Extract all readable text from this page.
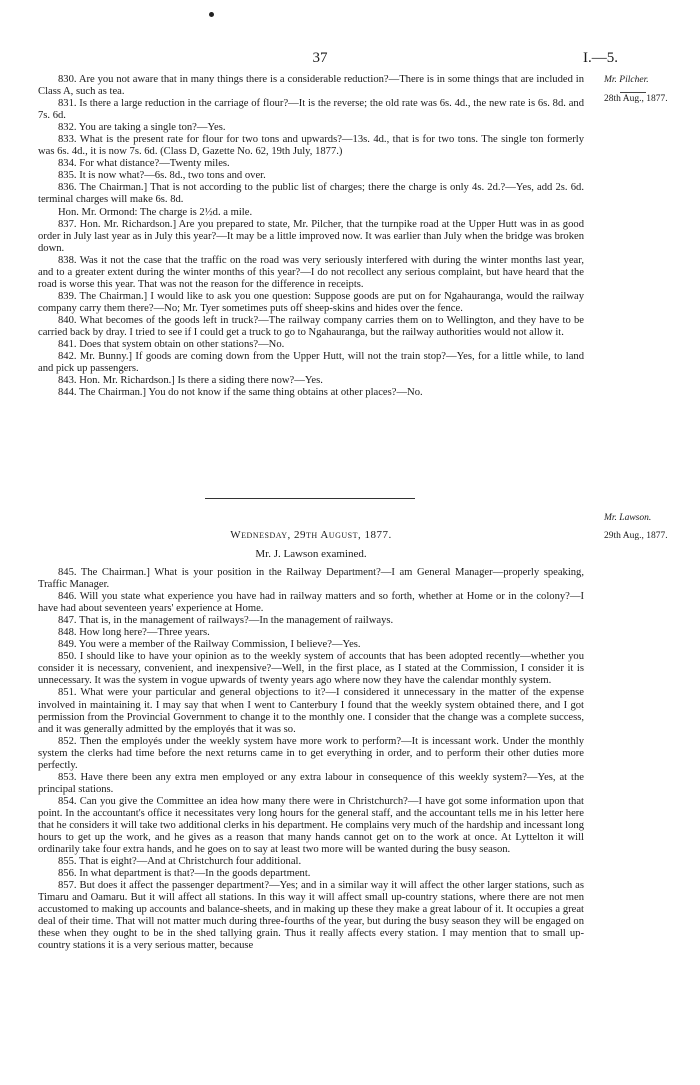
37	I.—5.
Mr. Pilcher.
28th Aug., 1877.

830. Are you not aware that in many things there is a considerable reduction?—There is in some things that are included in Class A, such as tea.

831. Is there a large reduction in the carriage of flour?—It is the reverse; the old rate was 6s. 4d., the new rate is 6s. 8d. and 7s. 6d.

832. You are taking a single ton?—Yes.

833. What is the present rate for flour for two tons and upwards?—13s. 4d., that is for two tons. The single ton formerly was 6s. 4d., it is now 7s. 6d. (Class D, Gazette No. 62, 19th July, 1877.)

834. For what distance?—Twenty miles.

835. It is now what?—6s. 8d., two tons and over.

836. The Chairman.] That is not according to the public list of charges; there the charge is only 4s. 2d.?—Yes, add 2s. 6d. terminal charges will make 6s. 8d.

Hon. Mr. Ormond: The charge is 2½d. a mile.

837. Hon. Mr. Richardson.] Are you prepared to state, Mr. Pilcher, that the turnpike road at the Upper Hutt was in as good order in July last year as in July this year?—It may be a little improved now. It was earlier than July when the bridge was broken down.

838. Was it not the case that the traffic on the road was very seriously interfered with during the winter months last year, and to a greater extent during the winter months of this year?—I do not recollect any serious complaint, but have heard that the road is worse this year. That was not the reason for the difference in receipts.

839. The Chairman.] I would like to ask you one question: Suppose goods are put on for Ngahauranga, would the railway company carry them there?—No; Mr. Tyer sometimes puts off sheep-skins and hides over the fence.

840. What becomes of the goods left in truck?—The railway company carries them on to Wellington, and they have to be carried back by dray. I tried to see if I could get a truck to go to Ngahauranga, but the railway authorities would not allow it.

841. Does that system obtain on other stations?—No.

842. Mr. Bunny.] If goods are coming down from the Upper Hutt, will not the train stop?—Yes, for a little while, to land and pick up passengers.

843. Hon. Mr. Richardson.] Is there a siding there now?—Yes.

844. The Chairman.] You do not know if the same thing obtains at other places?—No.

Mr. Lawson.
29th Aug., 1877.
Wednesday, 29th August, 1877.
Mr. J. Lawson examined.

845. The Chairman.] What is your position in the Railway Department?—I am General Manager—properly speaking, Traffic Manager.

846. Will you state what experience you have had in railway matters and so forth, whether at Home or in the colony?—I have had about seventeen years' experience at Home.

847. That is, in the management of railways?—In the management of railways.

848. How long here?—Three years.

849. You were a member of the Railway Commission, I believe?—Yes.

850. I should like to have your opinion as to the weekly system of accounts that has been adopted recently—whether you consider it is necessary, convenient, and inexpensive?—Well, in the first place, as I stated at the Commission, I consider it is unnecessary. It was the system in vogue upwards of twenty years ago where now they have the calendar monthly system.

851. What were your particular and general objections to it?—I considered it unnecessary in the matter of the expense involved in maintaining it. I may say that when I went to Canterbury I found that the weekly system obtained there, and I got permission from the Provincial Government to change it to the monthly one. I consider that the change was a complete success, and it was generally admitted by the employés that it was so.

852. Then the employés under the weekly system have more work to perform?—It is incessant work. Under the monthly system the clerks had time before the next returns came in to get everything in order, and to perform their other duties more perfectly.

853. Have there been any extra men employed or any extra labour in consequence of this weekly system?—Yes, at the principal stations.

854. Can you give the Committee an idea how many there were in Christchurch?—I have got some information upon that point. In the accountant's office it necessitates very long hours for the general staff, and the accountant tells me in his letter here that he considers it will take two additional clerks in his department. He complains very much of the hardship and incessant long hours to get up the work, and he gives as a reason that many hands cannot get on to the work at once. At Lyttelton it will ordinarily take four extra hands, and he goes on to say at least two more will be wanted during the busy season.

855. That is eight?—And at Christchurch four additional.

856. In what department is that?—In the goods department.

857. But does it affect the passenger department?—Yes; and in a similar way it will affect the other larger stations, such as Timaru and Oamaru. But it will affect all stations. In this way it will affect small up-country stations, where there are not men accustomed to making up accounts and balance-sheets, and in making up these they make a great labour of it. It occupies a great deal of their time. That will not matter much during three-fourths of the year, but during the busy season they will be engaged on these when they ought to be in the shed tallying grain. Thus it really affects every station. I may mention that to small up-country stations it is a very serious matter, because
